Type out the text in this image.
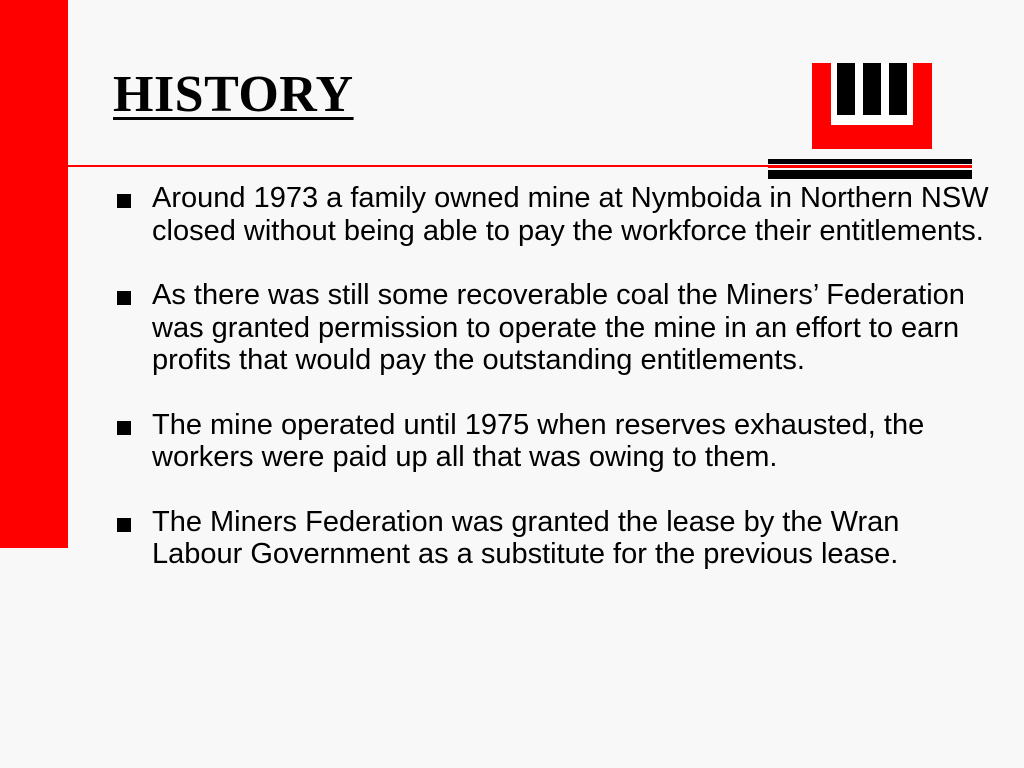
HISTORY
Around 1973 a family owned mine at Nymboida in Northern NSW closed without being able to pay the workforce their entitlements.
As there was still some recoverable coal the Miners’ Federation was granted permission to operate the mine in an effort to earn profits that would pay the outstanding entitlements.
The mine operated until 1975 when reserves exhausted, the workers were paid up all that was owing to them.
The Miners Federation was granted the lease by the Wran Labour Government as a substitute for the previous lease.
